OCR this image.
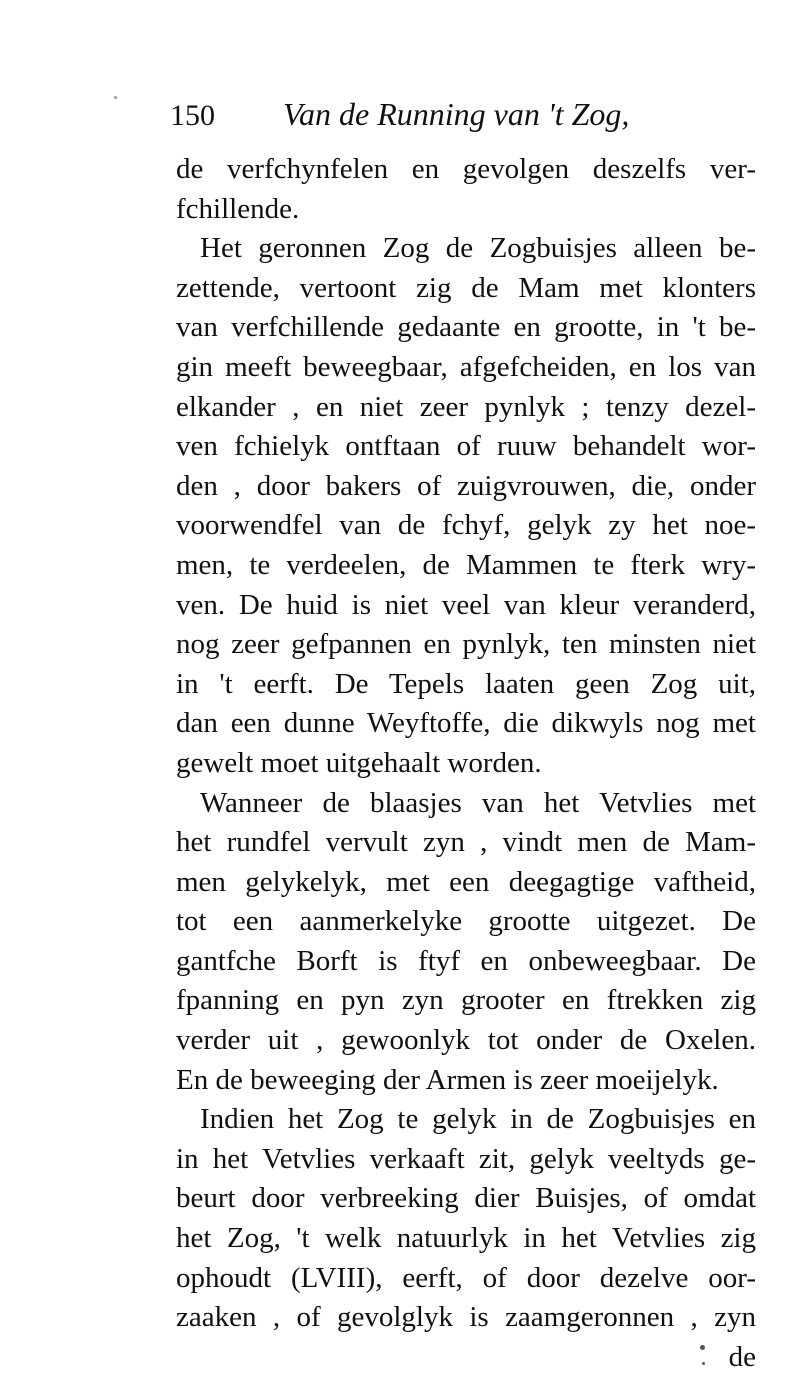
150 Van de Running van 't Zog,
de verfchynfelen en gevolgen deszelfs ver-
fchillende.
Het geronnen Zog de Zogbuisjes alleen be-
zettende, vertoont zig de Mam met klonters
van verfchillende gedaante en grootte, in 't be-
gin meeft beweegbaar, afgefcheiden, en los van
elkander , en niet zeer pynlyk ; tenzy dezel-
ven fchielyk ontftaan of ruuw behandelt wor-
den , door bakers of zuigvrouwen, die, onder
voorwendfel van de fchyf, gelyk zy het noe-
men, te verdeelen, de Mammen te fterk wry-
ven. De huid is niet veel van kleur veranderd,
nog zeer gefpannen en pynlyk, ten minsten niet
in 't eerft. De Tepels laaten geen Zog uit,
dan een dunne Weyftoffe, die dikwyls nog met
gewelt moet uitgehaalt worden.
Wanneer de blaasjes van het Vetvlies met
het rundfel vervult zyn , vindt men de Mam-
men gelykelyk, met een deegagtige vaftheid,
tot een aanmerkelyke grootte uitgezet. De
gantfche Borft is ftyf en onbeweegbaar. De
fpanning en pyn zyn grooter en ftrekken zig
verder uit , gewoonlyk tot onder de Oxelen.
En de beweeging der Armen is zeer moeijelyk.
Indien het Zog te gelyk in de Zogbuisjes en
in het Vetvlies verkaaft zit, gelyk veeltyds ge-
beurt door verbreeking dier Buisjes, of omdat
het Zog, 't welk natuurlyk in het Vetvlies zig
ophoudt (LVIII), eerft, of door dezelve oor-
zaaken , of gevolglyk is zaamgeronnen , zyn
de
